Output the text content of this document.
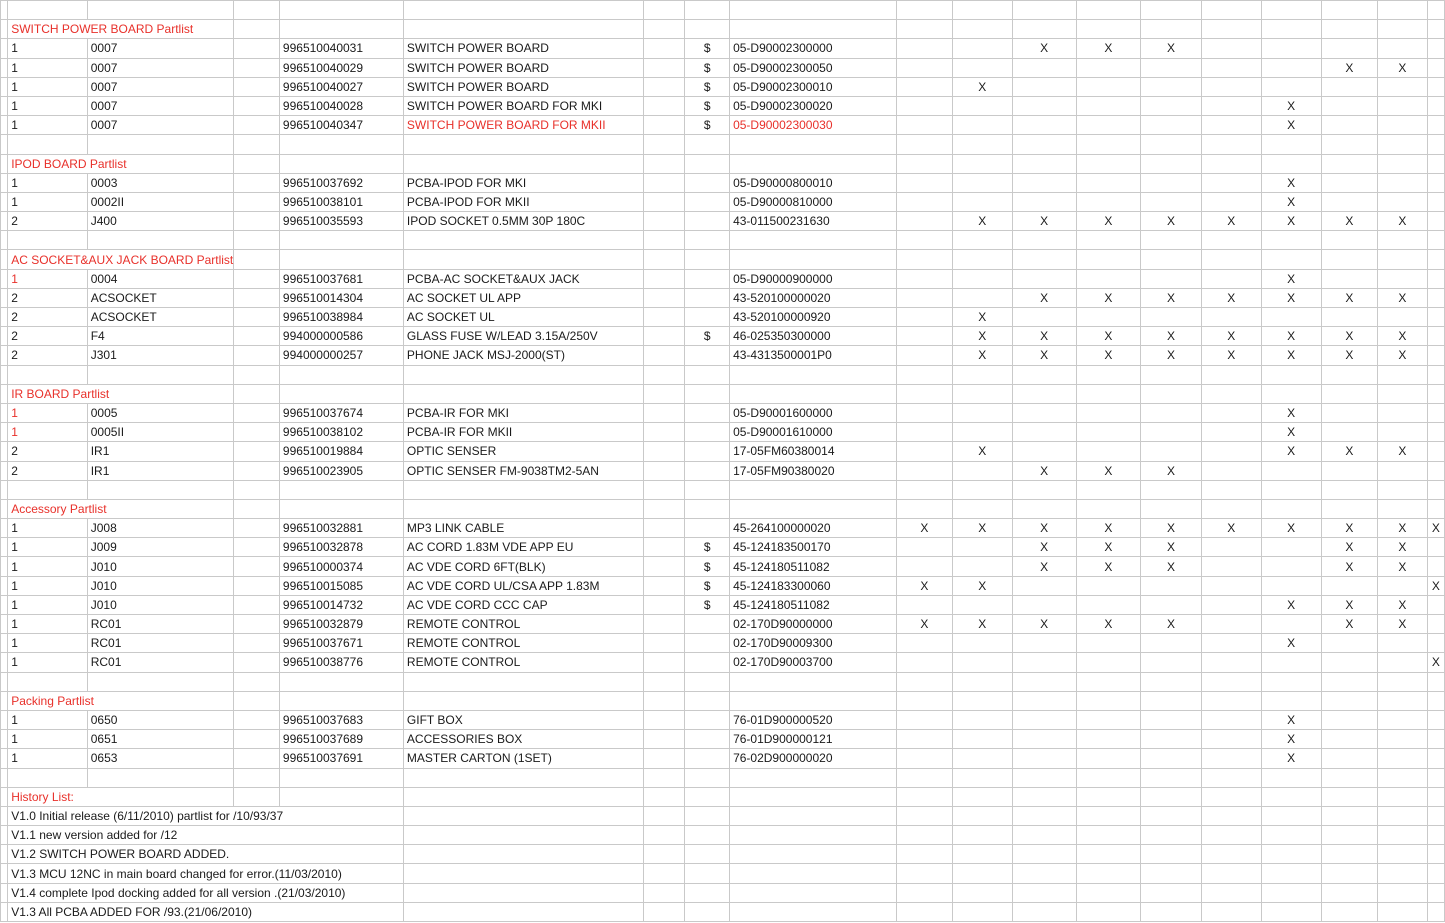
	SWITCH POWER BOARD Partlist																	
	1	0007		996510040031	SWITCH POWER BOARD		$	05-D90002300000			X	X	X					
	1	0007		996510040029	SWITCH POWER BOARD		$	05-D90002300050								X	X	
	1	0007		996510040027	SWITCH POWER BOARD		$	05-D90002300010		X								
	1	0007		996510040028	SWITCH POWER BOARD FOR MKI		$	05-D90002300020							X			
	1	0007		996510040347	SWITCH POWER BOARD FOR MKII		$	05-D90002300030							X			

	IPOD BOARD Partlist																	
	1	0003		996510037692	PCBA-IPOD FOR MKI			05-D90000800010							X			
	1	0002II		996510038101	PCBA-IPOD FOR MKII			05-D90000810000							X			
	2	J400		996510035593	IPOD SOCKET 0.5MM 30P 180C			43-011500231630		X	X	X	X	X	X	X	X	

	AC SOCKET&AUX JACK BOARD Partlist																	
	1	0004		996510037681	PCBA-AC SOCKET&AUX JACK			05-D90000900000							X			
	2	ACSOCKET		996510014304	AC SOCKET UL APP			43-520100000020			X	X	X	X	X	X	X	
	2	ACSOCKET		996510038984	AC SOCKET UL			43-520100000920		X								
	2	F4		994000000586	GLASS FUSE W/LEAD 3.15A/250V		$	46-025350300000		X	X	X	X	X	X	X	X	
	2	J301		994000000257	PHONE JACK MSJ-2000(ST)			43-4313500001P0		X	X	X	X	X	X	X	X	

	IR BOARD Partlist																	
	1	0005		996510037674	PCBA-IR FOR MKI			05-D90001600000							X			
	1	0005II		996510038102	PCBA-IR FOR MKII			05-D90001610000							X			
	2	IR1		996510019884	OPTIC SENSER			17-05FM60380014		X					X	X	X	
	2	IR1		996510023905	OPTIC SENSER FM-9038TM2-5AN			17-05FM90380020			X	X	X					

	Accessory Partlist																	
	1	J008		996510032881	MP3 LINK CABLE			45-264100000020	X	X	X	X	X	X	X	X	X	X
	1	J009		996510032878	AC CORD 1.83M VDE APP EU		$	45-124183500170			X	X	X			X	X	
	1	J010		996510000374	AC VDE CORD 6FT(BLK)		$	45-124180511082			X	X	X			X	X	
	1	J010		996510015085	AC VDE CORD UL/CSA APP 1.83M		$	45-124183300060	X	X								X
	1	J010		996510014732	AC VDE CORD CCC CAP		$	45-124180511082							X	X	X	
	1	RC01		996510032879	REMOTE CONTROL			02-170D90000000	X	X	X	X	X			X	X	
	1	RC01		996510037671	REMOTE CONTROL			02-170D90009300							X			
	1	RC01		996510038776	REMOTE CONTROL			02-170D90003700										X

	Packing Partlist																	
	1	0650		996510037683	GIFT BOX			76-01D900000520							X			
	1	0651		996510037689	ACCESSORIES BOX			76-01D900000121							X			
	1	0653		996510037691	MASTER CARTON (1SET)			76-02D900000020							X			

	History List:																	
	V1.0 Initial release (6/11/2010) partlist for /10/93/37																	
	V1.1 new version added for /12																	
	V1.2 SWITCH POWER BOARD ADDED.																	
	V1.3 MCU 12NC in main board changed for error.(11/03/2010)																	
	V1.4 complete Ipod docking added for all version .(21/03/2010)																	
	V1.3 All PCBA ADDED FOR /93.(21/06/2010)																	
